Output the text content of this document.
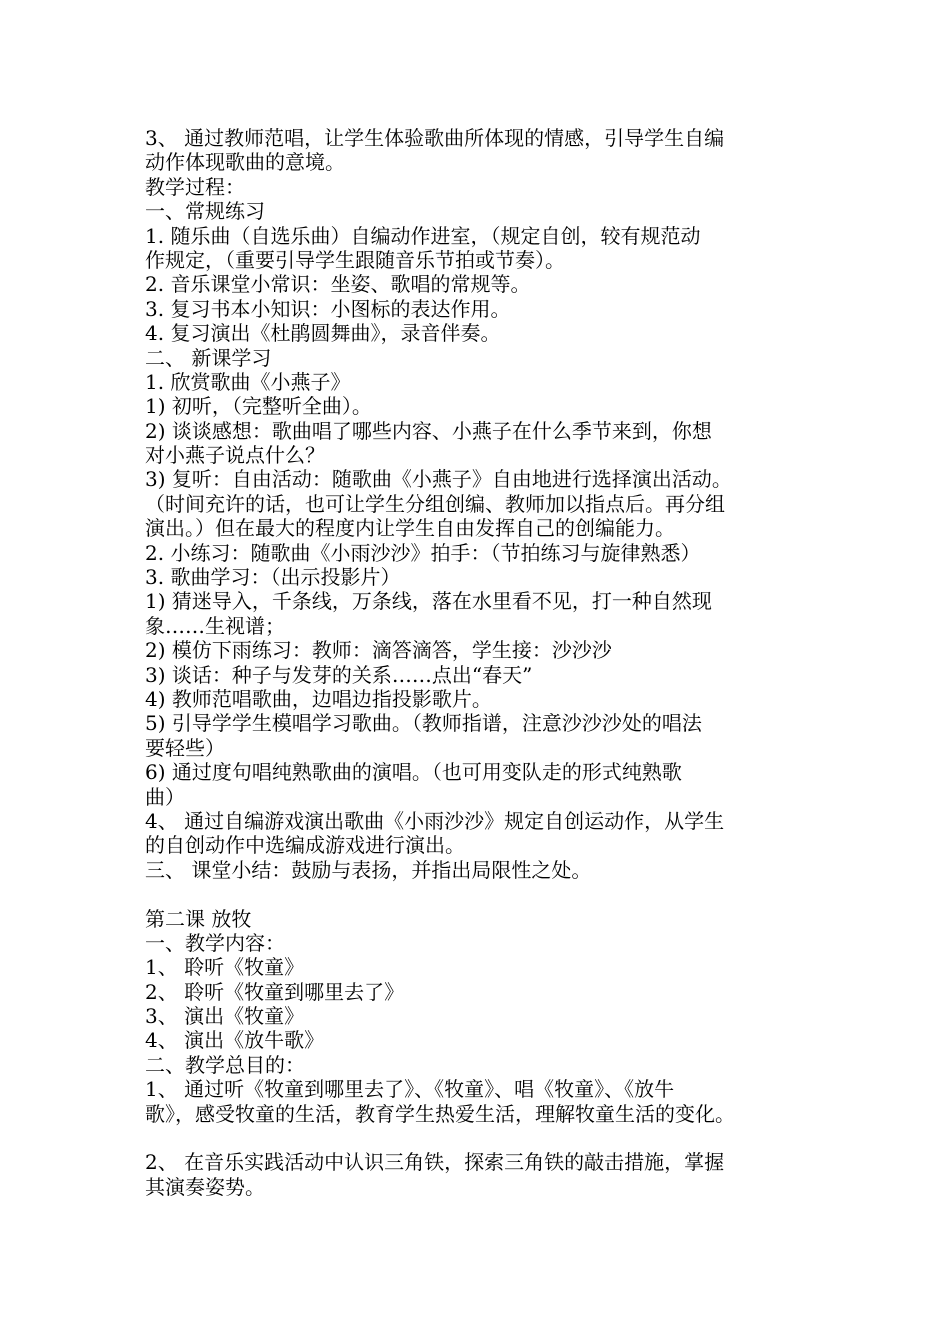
3、 通过教师范唱，让学生体验歌曲所体现的情感，引导学生自编
动作体现歌曲的意境。
教学过程：
一、常规练习
1. 随乐曲（自选乐曲）自编动作进室，（规定自创，较有规范动
作规定，（重要引导学生跟随音乐节拍或节奏）。
2. 音乐课堂小常识：坐姿、歌唱的常规等。
3. 复习书本小知识：小图标的表达作用。
4. 复习演出《杜鹃圆舞曲》，录音伴奏。
二、 新课学习
1. 欣赏歌曲《小燕子》
1) 初听，（完整听全曲）。
2) 谈谈感想：歌曲唱了哪些内容、小燕子在什么季节来到，你想
对小燕子说点什么？
3) 复听：自由活动：随歌曲《小燕子》自由地进行选择演出活动。
（时间充许的话，也可让学生分组创编、教师加以指点后。再分组
演出。）但在最大的程度内让学生自由发挥自己的创编能力。
2. 小练习：随歌曲《小雨沙沙》拍手：（节拍练习与旋律熟悉）
3. 歌曲学习：（出示投影片）
1) 猜迷导入，千条线，万条线，落在水里看不见，打一种自然现
象……生视谱；
2) 模仿下雨练习：教师：滴答滴答，学生接：沙沙沙
3) 谈话：种子与发芽的关系……点出“春天”
4) 教师范唱歌曲，边唱边指投影歌片。
5) 引导学学生模唱学习歌曲。（教师指谱，注意沙沙沙处的唱法
要轻些）
6) 通过度句唱纯熟歌曲的演唱。（也可用变队走的形式纯熟歌
曲）
4、 通过自编游戏演出歌曲《小雨沙沙》规定自创运动作，从学生
的自创动作中选编成游戏进行演出。
三、 课堂小结：鼓励与表扬，并指出局限性之处。
第二课 放牧
一、教学内容：
1、 聆听《牧童》
2、 聆听《牧童到哪里去了》
3、 演出《牧童》
4、 演出《放牛歌》
二、教学总目的：
1、 通过听《牧童到哪里去了》、《牧童》、唱《牧童》、《放牛
歌》，感受牧童的生活，教育学生热爱生活，理解牧童生活的变化。
2、 在音乐实践活动中认识三角铁，探索三角铁的敲击措施，掌握
其演奏姿势。
